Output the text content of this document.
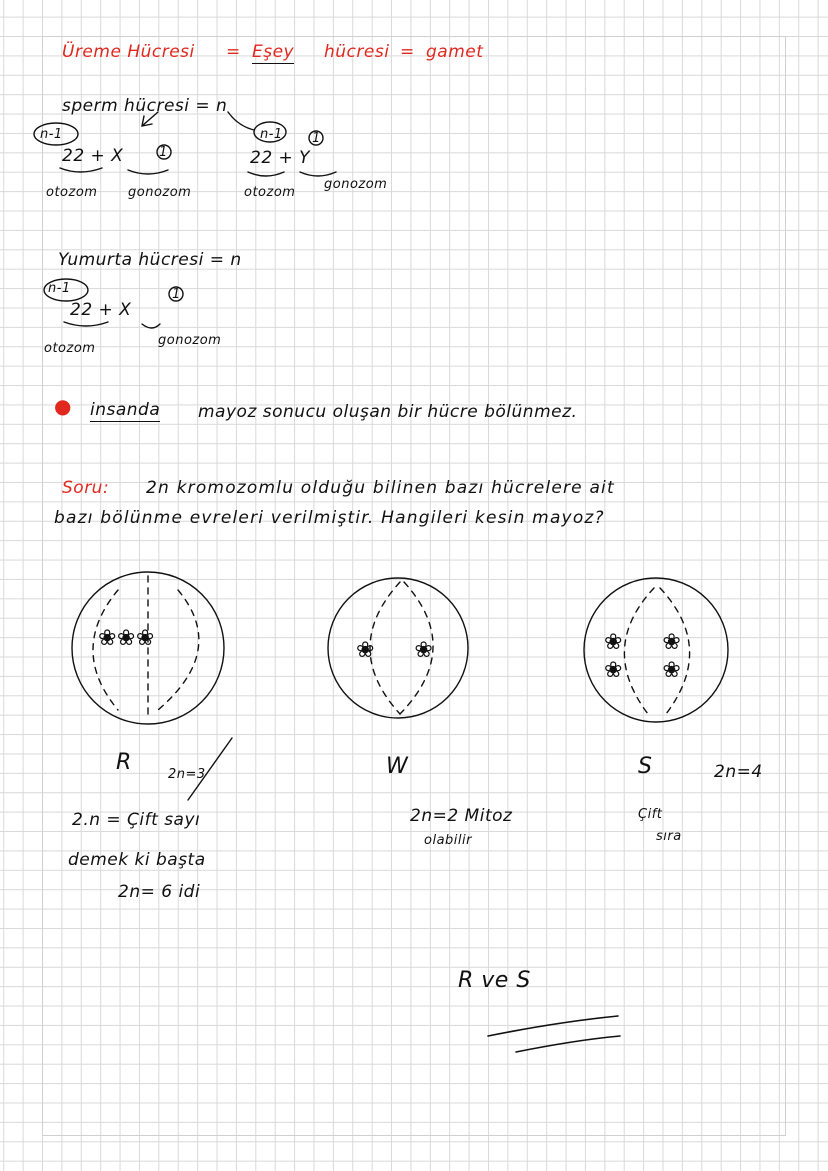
Üreme Hücresi = Eşey hücresi = gamet
sperm hücresi = n
n-1
22 + X	1
n-1
22 + Y
1
otozom gonozom	otozom
gonozom
Yumurta hücresi = n
n-1
22 + X
1
otozom
gonozom
● insanda mayoz sonucu oluşan bir hücre bölünmez.
Soru: 2n kromozomlu olduğu bilinen bazı hücrelere ait
bazı bölünme evreleri verilmiştir. Hangileri kesin mayoz?
❀❀❀	❀❀	❀❀
❀❀
R	2n=3	W
2n=2 Mitoz
olabilir
S
Çift
sıra
2n=4
2.n = Çift sayı
demek ki başta
2n= 6 idi
R ve S
